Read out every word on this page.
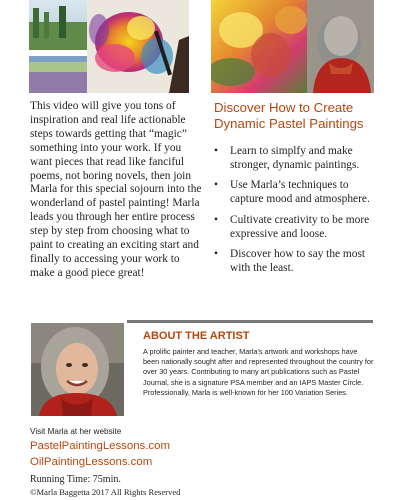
This video will give you tons of inspiration and real life actionable steps towards getting that “magic” something into your work. If you want pieces that read like fanciful poems, not boring novels, then join Marla for this special sojourn into the wonderland of pastel painting! Marla leads you through her entire process step by step from choosing what to paint to creating an exciting start and finally to accessing your work to make a good piece great!

Discover How to Create Dynamic Pastel Paintings
• Learn to simplfy and make stronger, dynamic paintings.
• Use Marla’s techniques to capture mood and atmosphere.
• Cultivate creativity to be more expressive and loose.
• Discover how to say the most with the least.
ABOUT THE ARTIST

A prolific painter and teacher, Marla’s artwork and workshops have been nationally sought after and represented throughout the country for over 30 years. Contributing to many art publications such as Pastel Journal, she is a signature PSA member and an IAPS Master Circle. Professionally, Marla is well-known for her 100 Variation Series.

Visit Marla at her website

PastelPaintingLessons.com
OilPaintingLessons.com

Running Time: 75min.

©Marla Baggetta 2017 All Rights Reserved
